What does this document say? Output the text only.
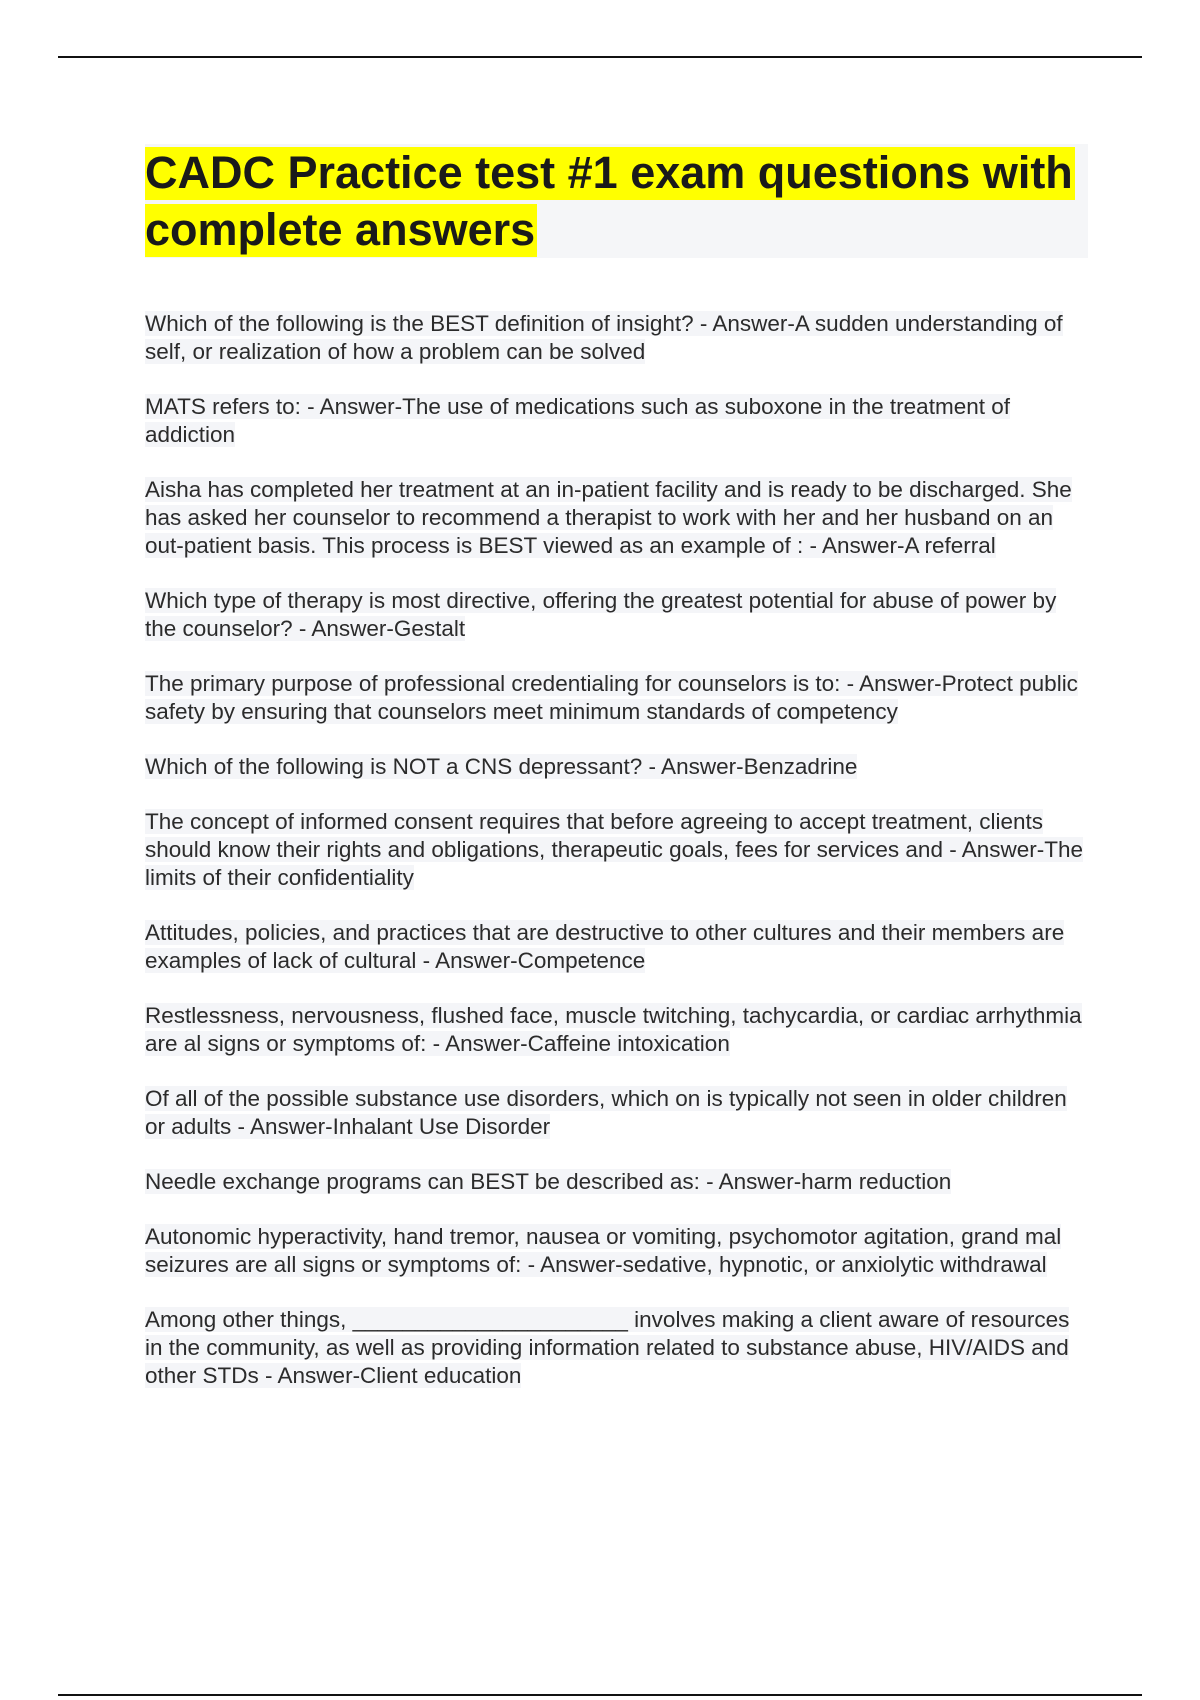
CADC Practice test #1 exam questions with complete answers
Which of the following is the BEST definition of insight? - Answer-A sudden understanding of self, or realization of how a problem can be solved
MATS refers to: - Answer-The use of medications such as suboxone in the treatment of addiction
Aisha has completed her treatment at an in-patient facility and is ready to be discharged. She has asked her counselor to recommend a therapist to work with her and her husband on an out-patient basis. This process is BEST viewed as an example of : - Answer-A referral
Which type of therapy is most directive, offering the greatest potential for abuse of power by the counselor? - Answer-Gestalt
The primary purpose of professional credentialing for counselors is to: - Answer-Protect public safety by ensuring that counselors meet minimum standards of competency
Which of the following is NOT a CNS depressant? - Answer-Benzadrine
The concept of informed consent requires that before agreeing to accept treatment, clients should know their rights and obligations, therapeutic goals, fees for services and - Answer-The limits of their confidentiality
Attitudes, policies, and practices that are destructive to other cultures and their members are examples of lack of cultural - Answer-Competence
Restlessness, nervousness, flushed face, muscle twitching, tachycardia, or cardiac arrhythmia are al signs or symptoms of: - Answer-Caffeine intoxication
Of all of the possible substance use disorders, which on is typically not seen in older children or adults - Answer-Inhalant Use Disorder
Needle exchange programs can BEST be described as: - Answer-harm reduction
Autonomic hyperactivity, hand tremor, nausea or vomiting, psychomotor agitation, grand mal seizures are all signs or symptoms of: - Answer-sedative, hypnotic, or anxiolytic withdrawal
Among other things, ______________________ involves making a client aware of resources in the community, as well as providing information related to substance abuse, HIV/AIDS and other STDs - Answer-Client education
